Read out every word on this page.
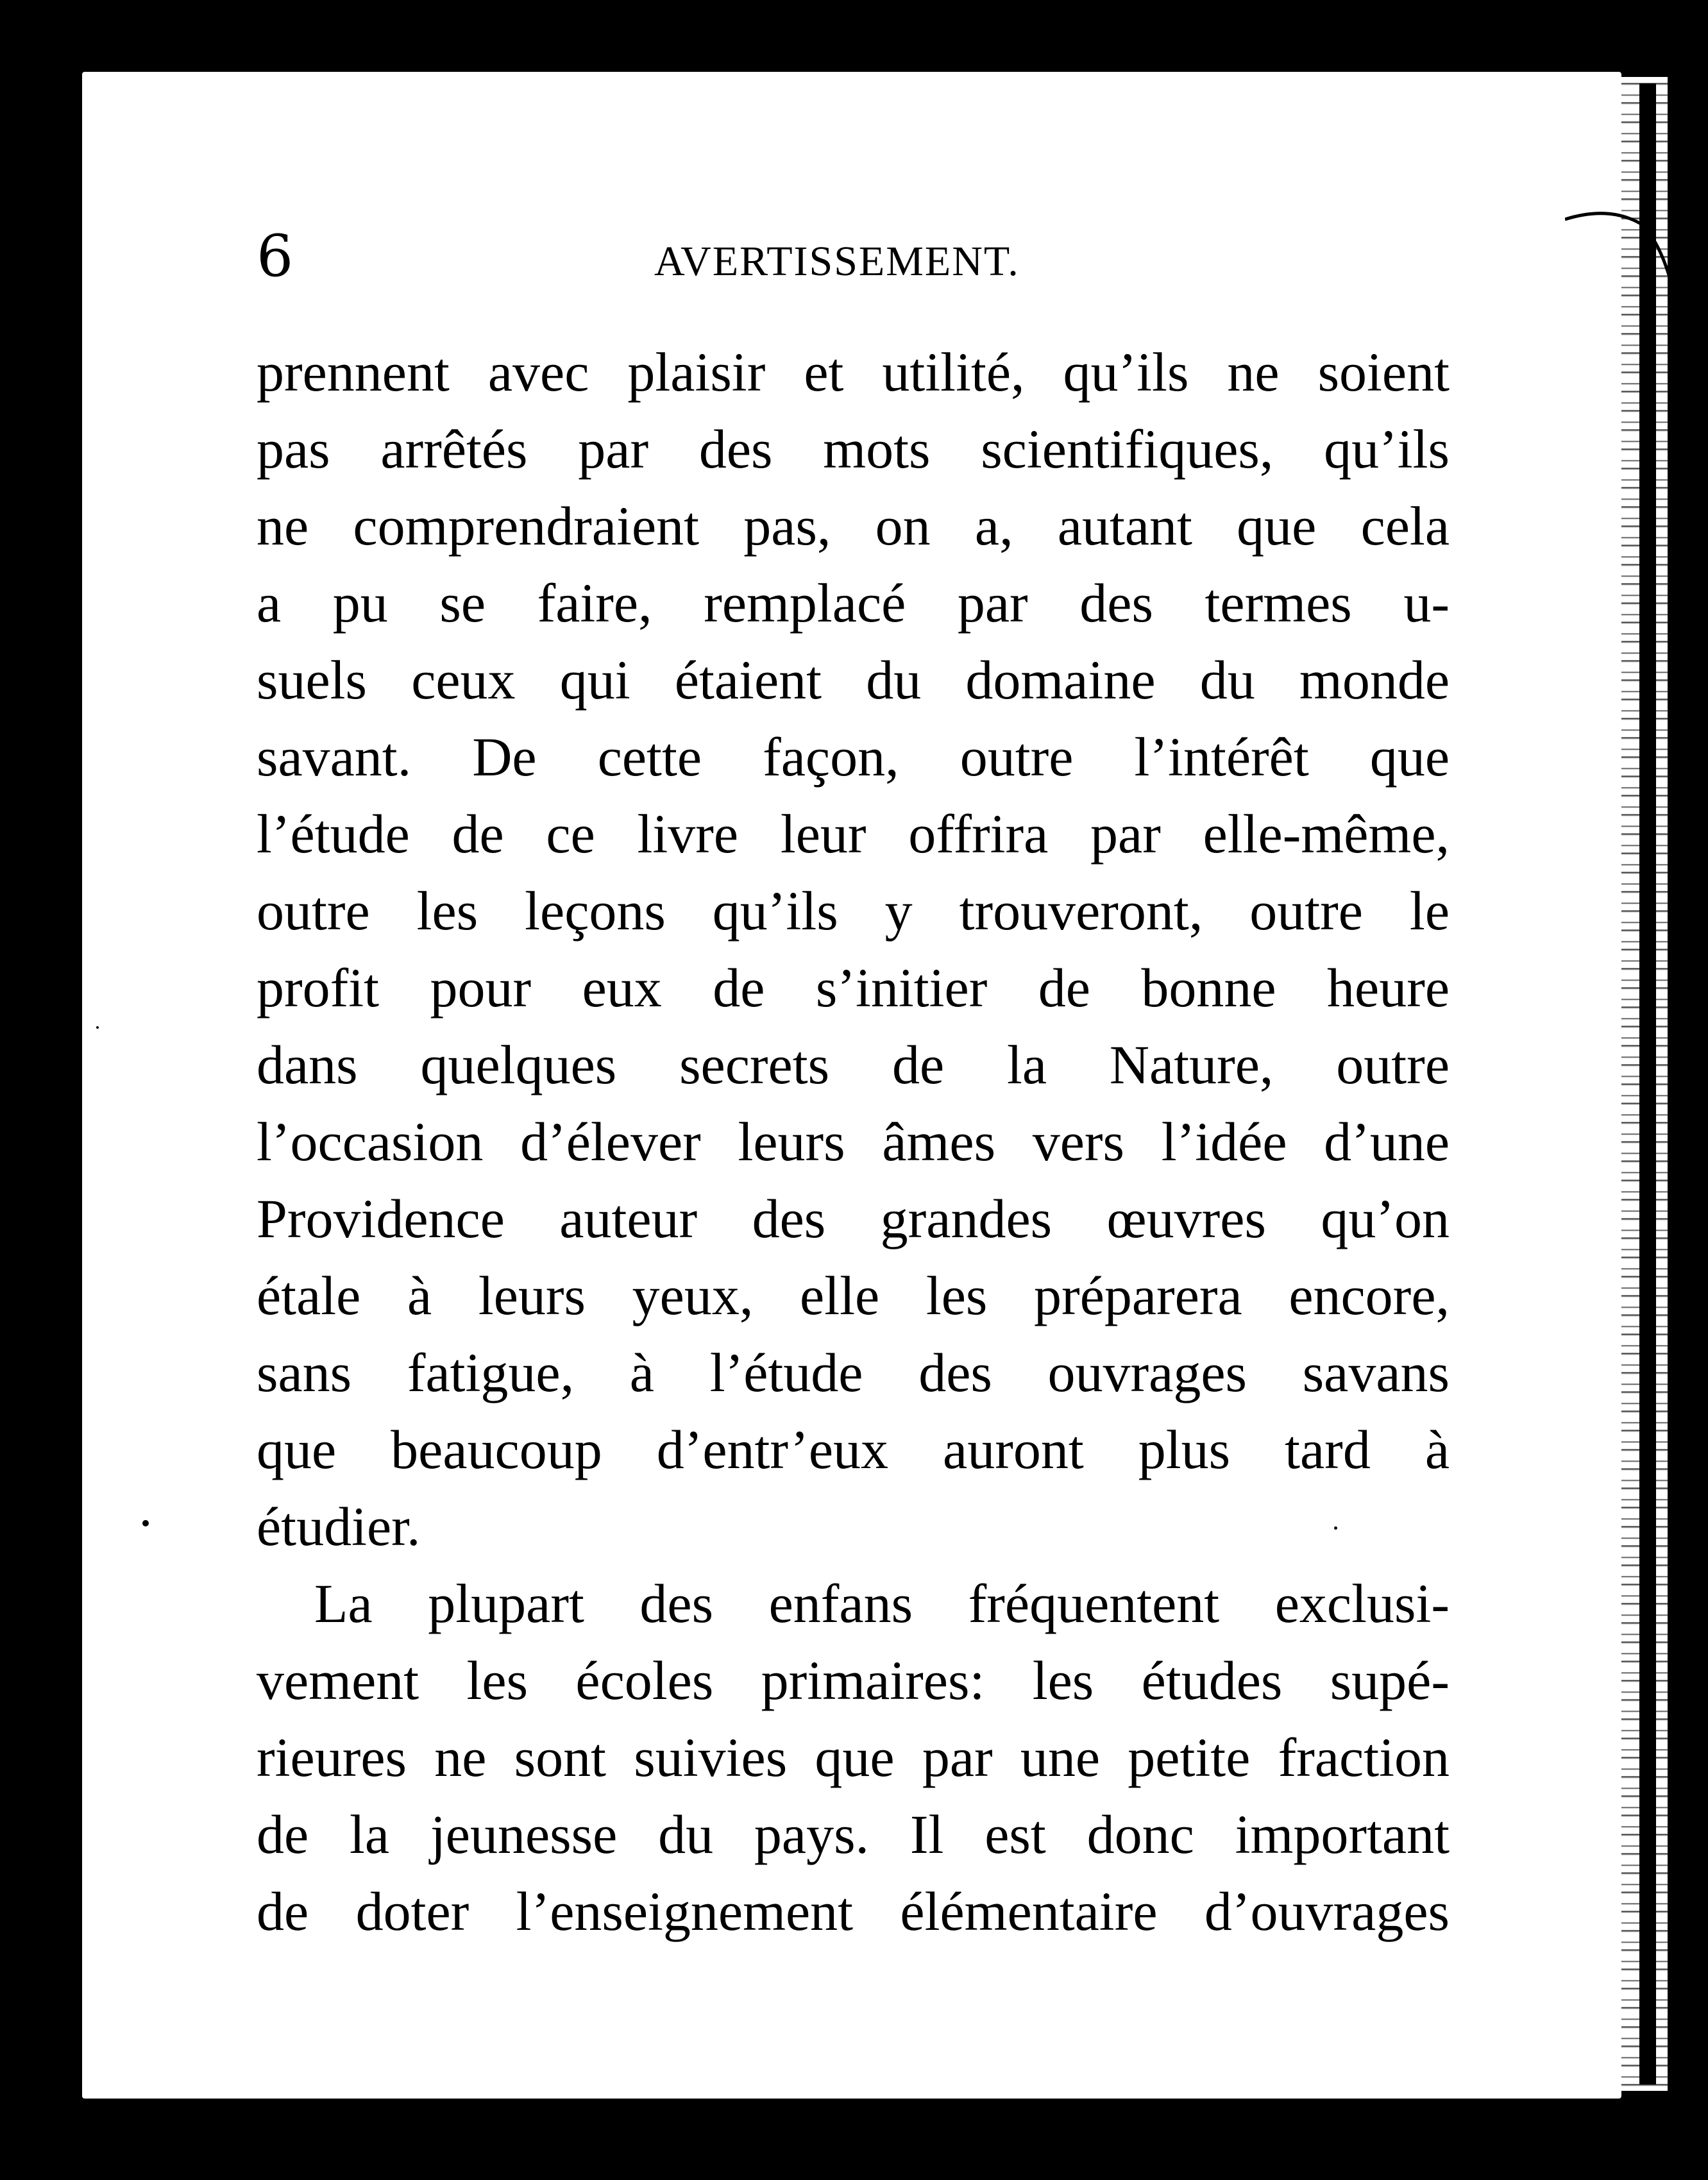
6	AVERTISSEMENT.
prennent avec plaisir et utilité, qu’ils ne soient
pas arrêtés par des mots scientifiques, qu’ils
ne comprendraient pas, on a, autant que cela
a pu se faire, remplacé par des termes u-
suels ceux qui étaient du domaine du monde
savant. De cette façon, outre l’intérêt que
l’étude de ce livre leur offrira par elle-même,
outre les leçons qu’ils y trouveront, outre le
profit pour eux de s’initier de bonne heure
dans quelques secrets de la Nature, outre
l’occasion d’élever leurs âmes vers l’idée d’une
Providence auteur des grandes œuvres qu’on
étale à leurs yeux, elle les préparera encore,
sans fatigue, à l’étude des ouvrages savans
que beaucoup d’entr’eux auront plus tard à
étudier.
La plupart des enfans fréquentent exclusi-
vement les écoles primaires: les études supé-
rieures ne sont suivies que par une petite fraction
de la jeunesse du pays. Il est donc important
de doter l’enseignement élémentaire d’ouvrages
